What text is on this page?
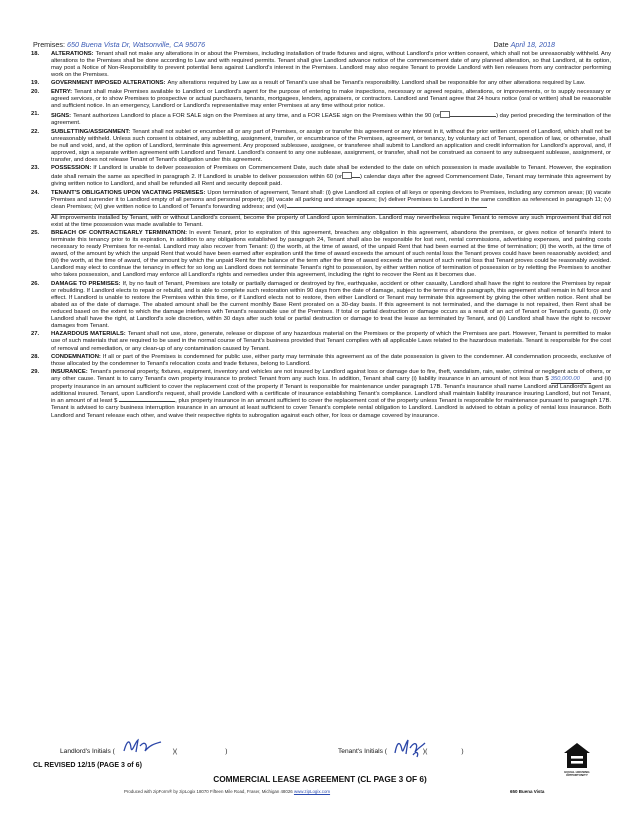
Premises: 650 Buena Vista Dr, Watsonville, CA 95076	Date April 18, 2018
18.	ALTERATIONS: Tenant shall not make any alterations in or about the Premises, including installation of trade fixtures and signs, without Landlord's prior written consent, which shall not be unreasonably withheld. Any alterations to the Premises shall be done according to Law and with required permits. Tenant shall give Landlord advance notice of the commencement date of any planned alteration, so that Landlord, at its option, may post a Notice of Non-Responsibility to prevent potential liens against Landlord's interest in the Premises. Landlord may also require Tenant to provide Landlord with lien releases from any contractor performing work on the Premises.
19.	GOVERNMENT IMPOSED ALTERATIONS: Any alterations required by Law as a result of Tenant's use shall be Tenant's responsibility. Landlord shall be responsible for any other alterations required by Law.
20.	ENTRY: Tenant shall make Premises available to Landlord or Landlord's agent for the purpose of entering to make inspections, necessary or agreed repairs, alterations, or improvements, or to supply necessary or agreed services, or to show Premises to prospective or actual purchasers, tenants, mortgagees, lenders, appraisers, or contractors. Landlord and Tenant agree that 24 hours notice (oral or written) shall be reasonable and sufficient notice. In an emergency, Landlord or Landlord's representative may enter Premises at any time without prior notice.
21.	SIGNS: Tenant authorizes Landlord to place a FOR SALE sign on the Premises at any time, and a FOR LEASE sign on the Premises within the 90 (or	) day period preceding the termination of the agreement.
22.	SUBLETTING/ASSIGNMENT: Tenant shall not sublet or encumber all or any part of Premises, or assign or transfer this agreement or any interest in it, without the prior written consent of Landlord, which shall not be unreasonably withheld. Unless such consent is obtained, any subletting, assignment, transfer, or encumbrance of the Premises, agreement, or tenancy, by voluntary act of Tenant, operation of law, or otherwise, shall be null and void, and, at the option of Landlord, terminate this agreement. Any proposed sublessee, assignee, or transferee shall submit to Landlord an application and credit information for Landlord's approval, and, if approved, sign a separate written agreement with Landlord and Tenant. Landlord's consent to any one sublease, assignment, or transfer, shall not be construed as consent to any subsequent sublease, assignment, or transfer, and does not release Tenant of Tenant's obligation under this agreement.
23.	POSSESSION: If Landlord is unable to deliver possession of Premises on Commencement Date, such date shall be extended to the date on which possession is made available to Tenant. However, the expiration date shall remain the same as specified in paragraph 2. If Landlord is unable to deliver possession within 60 (or	) calendar days after the agreed Commencement Date, Tenant may terminate this agreement by giving written notice to Landlord, and shall be refunded all Rent and security deposit paid.
24.	TENANT'S OBLIGATIONS UPON VACATING PREMISES: Upon termination of agreement, Tenant shall: (i) give Landlord all copies of all keys or opening devices to Premises, including any common areas; (ii) vacate Premises and surrender it to Landlord empty of all persons and personal property; (iii) vacate all parking and storage spaces; (iv) deliver Premises to Landlord in the same condition as referenced in paragraph 11; (v) clean Premises; (vi) give written notice to Landlord of Tenant's forwarding address; and (vii)
All improvements installed by Tenant, with or without Landlord's consent, become the property of Landlord upon termination. Landlord may nevertheless require Tenant to remove any such improvement that did not exist at the time possession was made available to Tenant.
25.	BREACH OF CONTRACT/EARLY TERMINATION: In event Tenant, prior to expiration of this agreement, breaches any obligation in this agreement, abandons the premises, or gives notice of tenant's intent to terminate this tenancy prior to its expiration, in addition to any obligations established by paragraph 24, Tenant shall also be responsible for lost rent, rental commissions, advertising expenses, and painting costs necessary to ready Premises for re-rental. Landlord may also recover from Tenant: (i) the worth, at the time of award, of the unpaid Rent that had been earned at the time of termination; (ii) the worth, at the time of award, of the amount by which the unpaid Rent that would have been earned after expiration until the time of award exceeds the amount of such rental loss the Tenant proves could have been reasonably avoided; and (iii) the worth, at the time of award, of the amount by which the unpaid Rent for the balance of the term after the time of award exceeds the amount of such rental loss that Tenant proves could be reasonably avoided. Landlord may elect to continue the tenancy in effect for so long as Landlord does not terminate Tenant's right to possession, by either written notice of termination of possession or by reletting the Premises to another who takes possession, and Landlord may enforce all Landlord's rights and remedies under this agreement, including the right to recover the Rent as it becomes due.
26.	DAMAGE TO PREMISES: If, by no fault of Tenant, Premises are totally or partially damaged or destroyed by fire, earthquake, accident or other casualty, Landlord shall have the right to restore the Premises by repair or rebuilding. If Landlord elects to repair or rebuild, and is able to complete such restoration within 90 days from the date of damage, subject to the terms of this paragraph, this agreement shall remain in full force and effect. If Landlord is unable to restore the Premises within this time, or if Landlord elects not to restore, then either Landlord or Tenant may terminate this agreement by giving the other written notice. Rent shall be abated as of the date of damage. The abated amount shall be the current monthly Base Rent prorated on a 30-day basis. If this agreement is not terminated, and the damage is not repaired, then Rent shall be reduced based on the extent to which the damage interferes with Tenant's reasonable use of the Premises. If total or partial destruction or damage occurs as a result of an act of Tenant or Tenant's guests, (i) only Landlord shall have the right, at Landlord's sole discretion, within 30 days after such total or partial destruction or damage to treat the lease as terminated by Tenant, and (ii) Landlord shall have the right to recover damages from Tenant.
27.	HAZARDOUS MATERIALS: Tenant shall not use, store, generate, release or dispose of any hazardous material on the Premises or the property of which the Premises are part. However, Tenant is permitted to make use of such materials that are required to be used in the normal course of Tenant's business provided that Tenant complies with all applicable Laws related to the hazardous materials. Tenant is responsible for the cost of removal and remediation, or any clean-up of any contamination caused by Tenant.
28.	CONDEMNATION: If all or part of the Premises is condemned for public use, either party may terminate this agreement as of the date possession is given to the condemner. All condemnation proceeds, exclusive of those allocated by the condemner to Tenant's relocation costs and trade fixtures, belong to Landlord.
29.	INSURANCE: Tenant's personal property, fixtures, equipment, inventory and vehicles are not insured by Landlord against loss or damage due to fire, theft, vandalism, rain, water, criminal or negligent acts of others, or any other cause. Tenant is to carry Tenant's own property insurance to protect Tenant from any such loss. In addition, Tenant shall carry (i) liability insurance in an amount of not less than $ 350,000.00 and (ii) property insurance in an amount sufficient to cover the replacement cost of the property if Tenant is responsible for maintenance under paragraph 17B. Tenant's insurance shall name Landlord and Landlord's agent as additional insured. Tenant, upon Landlord's request, shall provide Landlord with a certificate of insurance establishing Tenant's compliance. Landlord shall maintain liability insurance insuring Landlord, but not Tenant, in an amount of at least $	, plus property insurance in an amount sufficient to cover the replacement cost of the property unless Tenant is responsible for maintenance pursuant to paragraph 17B. Tenant is advised to carry business interruption insurance in an amount at least sufficient to cover Tenant's complete rental obligation to Landlord. Landlord is advised to obtain a policy of rental loss insurance. Both Landlord and Tenant release each other, and waive their respective rights to subrogation against each other, for loss or damage covered by insurance.
Landlord's Initials (	)(	)	Tenant's Initials (	)(	)
EQUAL HOUSING OPPORTUNITY
CL REVISED 12/15 (PAGE 3 of 6)
COMMERCIAL LEASE AGREEMENT (CL PAGE 3 OF 6)
Produced with zipForm® by zipLogix 18070 Fifteen Mile Road, Fraser, Michigan 48026 www.zipLogix.com	650 Buena Vista
